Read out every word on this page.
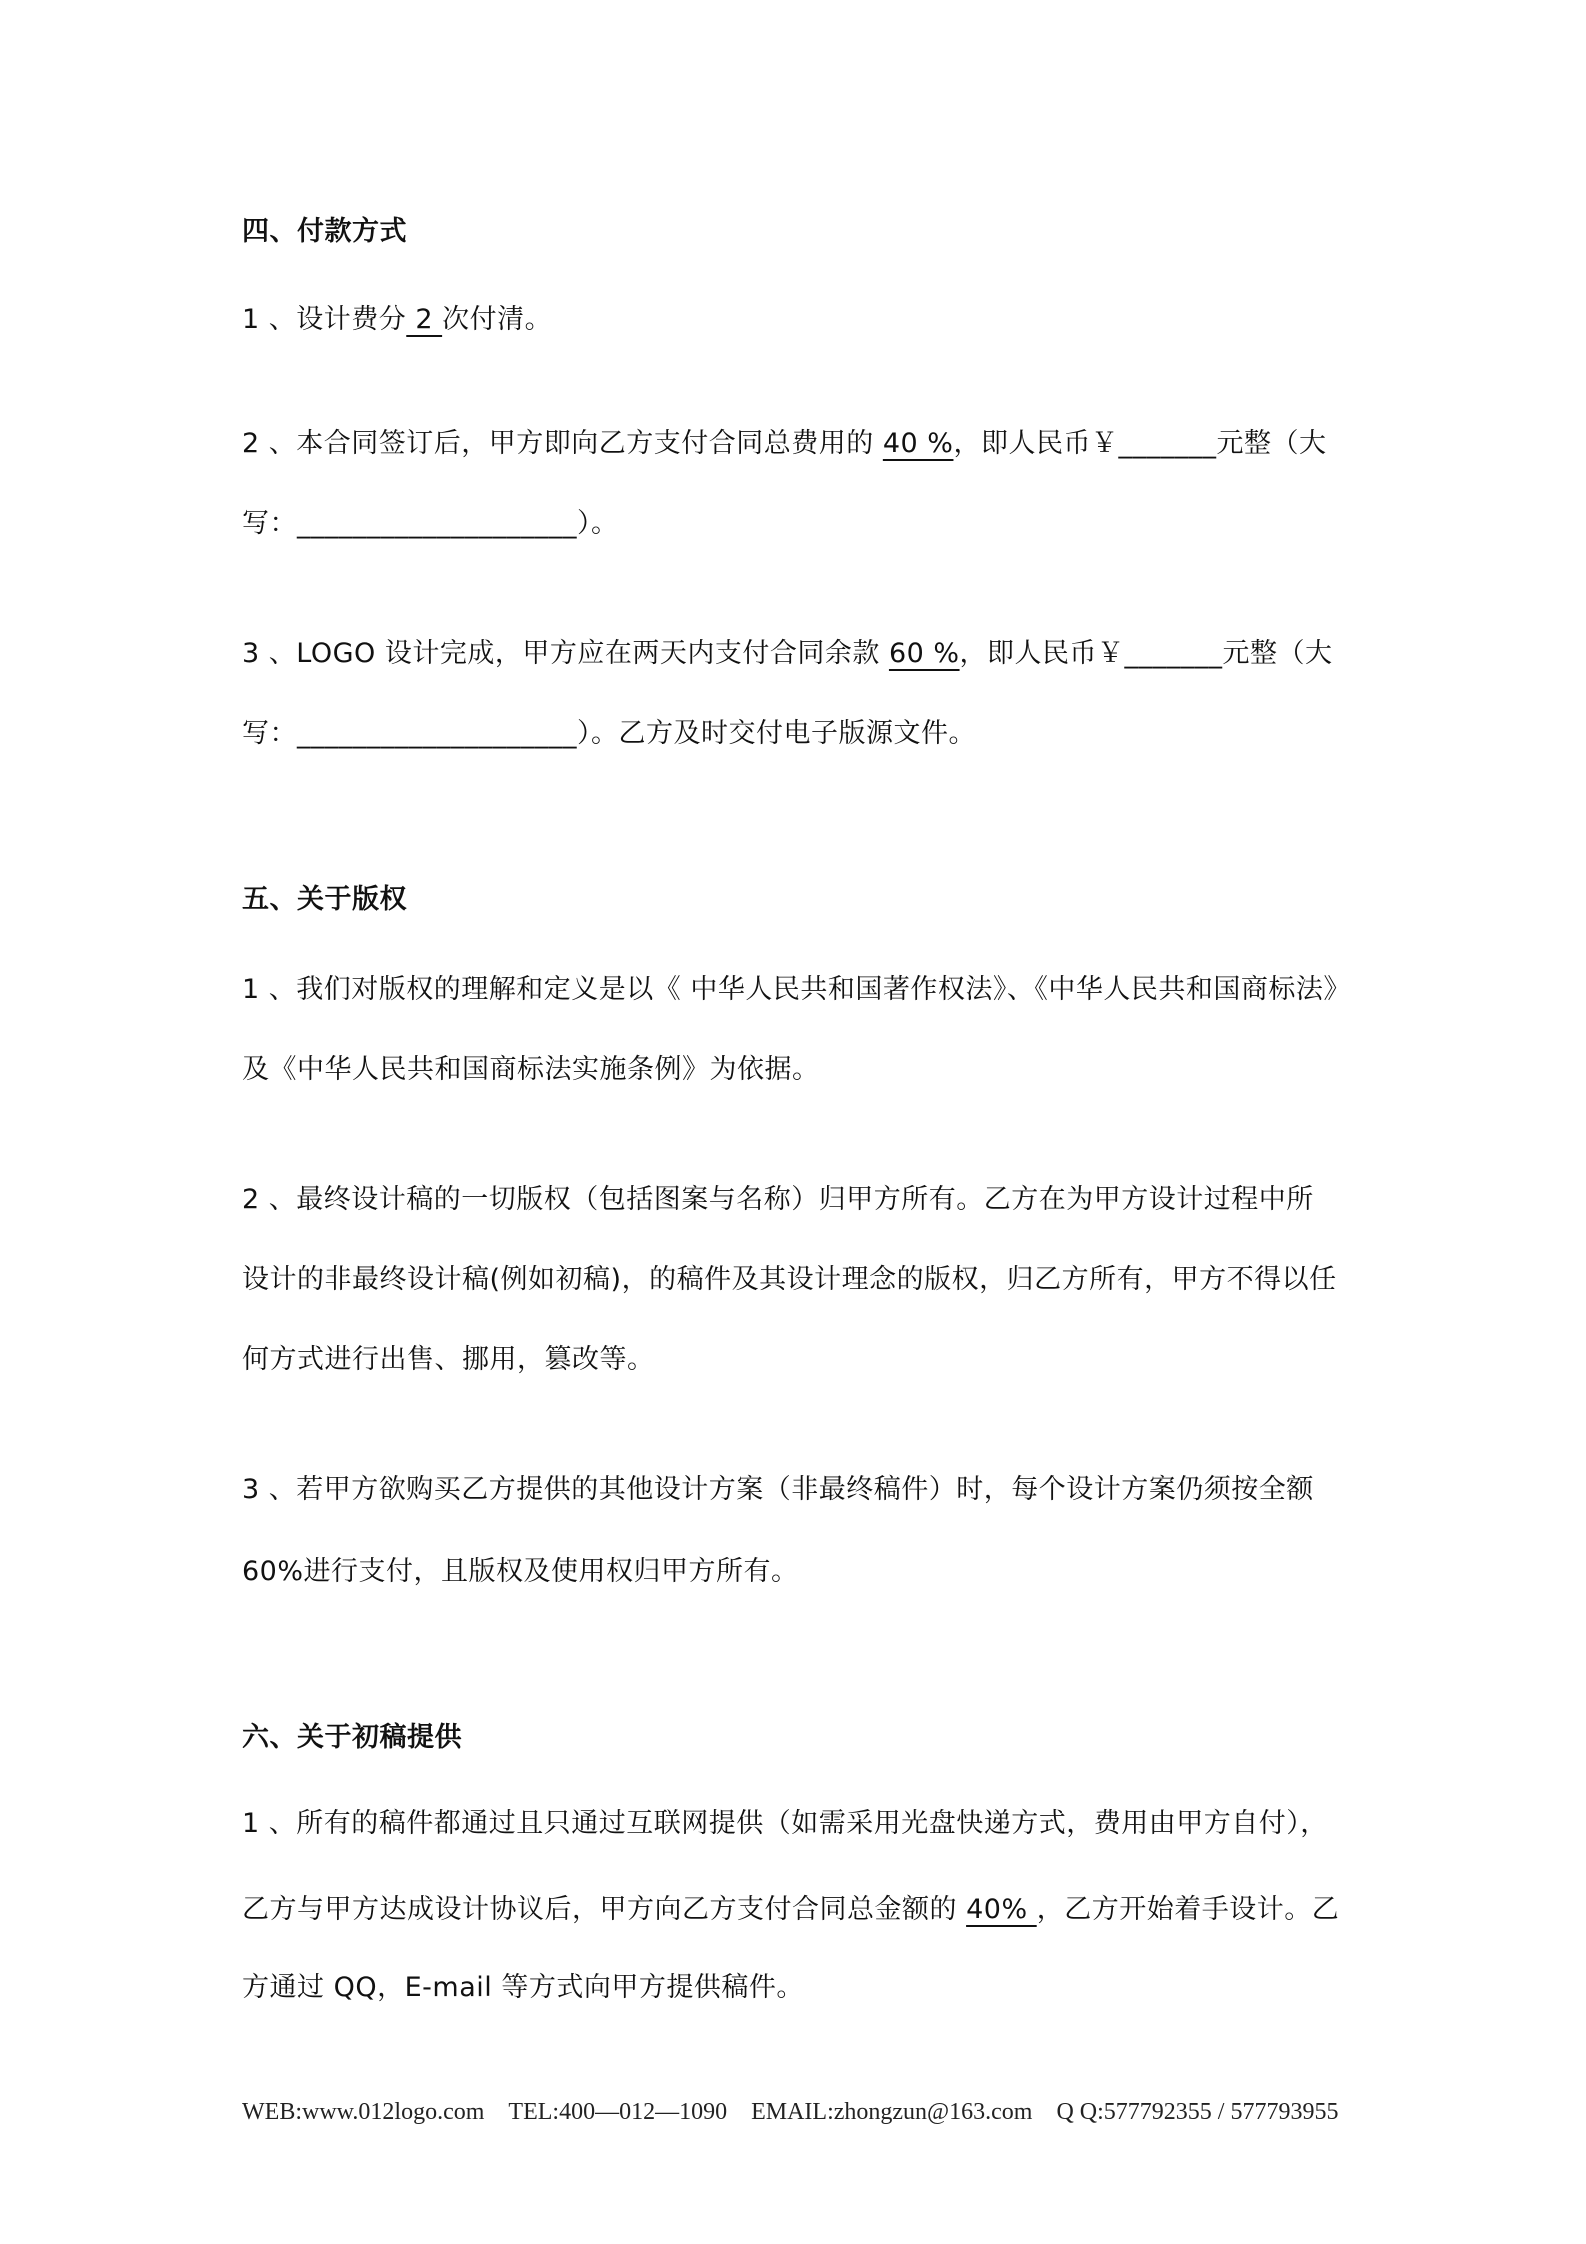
四、付款方式

1 、设计费分 2 次付清。

2 、本合同签订后，甲方即向乙方支付合同总费用的 40 %，即人民币￥_______元整（大

写：____________________）。

3 、LOGO 设计完成，甲方应在两天内支付合同余款 60 %，即人民币￥_______元整（大

写：____________________）。乙方及时交付电子版源文件。

五、关于版权

1 、我们对版权的理解和定义是以《 中华人民共和国著作权法》、《中华人民共和国商标法》

及《中华人民共和国商标法实施条例》为依据。

2 、最终设计稿的一切版权（包括图案与名称）归甲方所有。乙方在为甲方设计过程中所

设计的非最终设计稿(例如初稿)，的稿件及其设计理念的版权，归乙方所有，甲方不得以任

何方式进行出售、挪用，篡改等。

3 、若甲方欲购买乙方提供的其他设计方案（非最终稿件）时，每个设计方案仍须按全额

60%进行支付，且版权及使用权归甲方所有。

六、关于初稿提供

1 、所有的稿件都通过且只通过互联网提供（如需采用光盘快递方式，费用由甲方自付），

乙方与甲方达成设计协议后，甲方向乙方支付合同总金额的 40% ，乙方开始着手设计。乙

方通过 QQ，E-mail 等方式向甲方提供稿件。

WEB:www.012logo.com TEL:400—012—1090 EMAIL:zhongzun@163.com Q Q:577792355 / 577793955
